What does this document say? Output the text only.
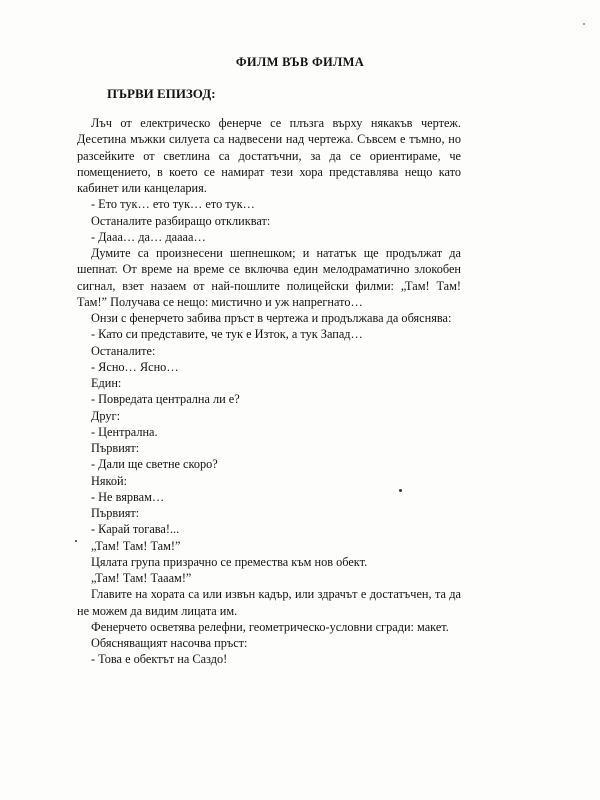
ФИЛМ ВЪВ ФИЛМА
ПЪРВИ ЕПИЗОД:

Лъч от електрическо фенерче се плъзга върху някакъв чертеж. Десетина мъжки силуета са надвесени над чертежа. Съвсем е тъмно, но разсейките от светлина са достатъчни, за да се ориентираме, че помещението, в което се намират тези хора представлява нещо като кабинет или канцелария.

- Ето тук… ето тук… ето тук…

Останалите разбиращо откликват:

- Дааа… да… даааа…

Думите са произнесени шепнешком; и нататък ще продължат да шепнат. От време на време се включва един мелодраматично злокобен сигнал, взет назаем от най-пошлите полицейски филми: „Там! Там! Там!” Получава се нещо: мистично и уж напрегнато…

Онзи с фенерчето забива пръст в чертежа и продължава да обяснява:

- Като си представите, че тук е Изток, а тук Запад…

Останалите:

- Ясно… Ясно…

Един:

- Повредата централна ли е?

Друг:

- Централна.

Първият:

- Дали ще светне скоро?

Някой:

- Не вярвам…

Първият:

- Карай тогава!...

„Там! Там! Там!”

Цялата група призрачно се премества към нов обект.

„Там! Там! Тааам!”

Главите на хората са или извън кадър, или здрачът е достатъчен, та да не можем да видим лицата им.

Фенерчето осветява релефни, геометрическо-условни сгради: макет.

Обясняващият насочва пръст:

- Това е обектът на Саздо!
